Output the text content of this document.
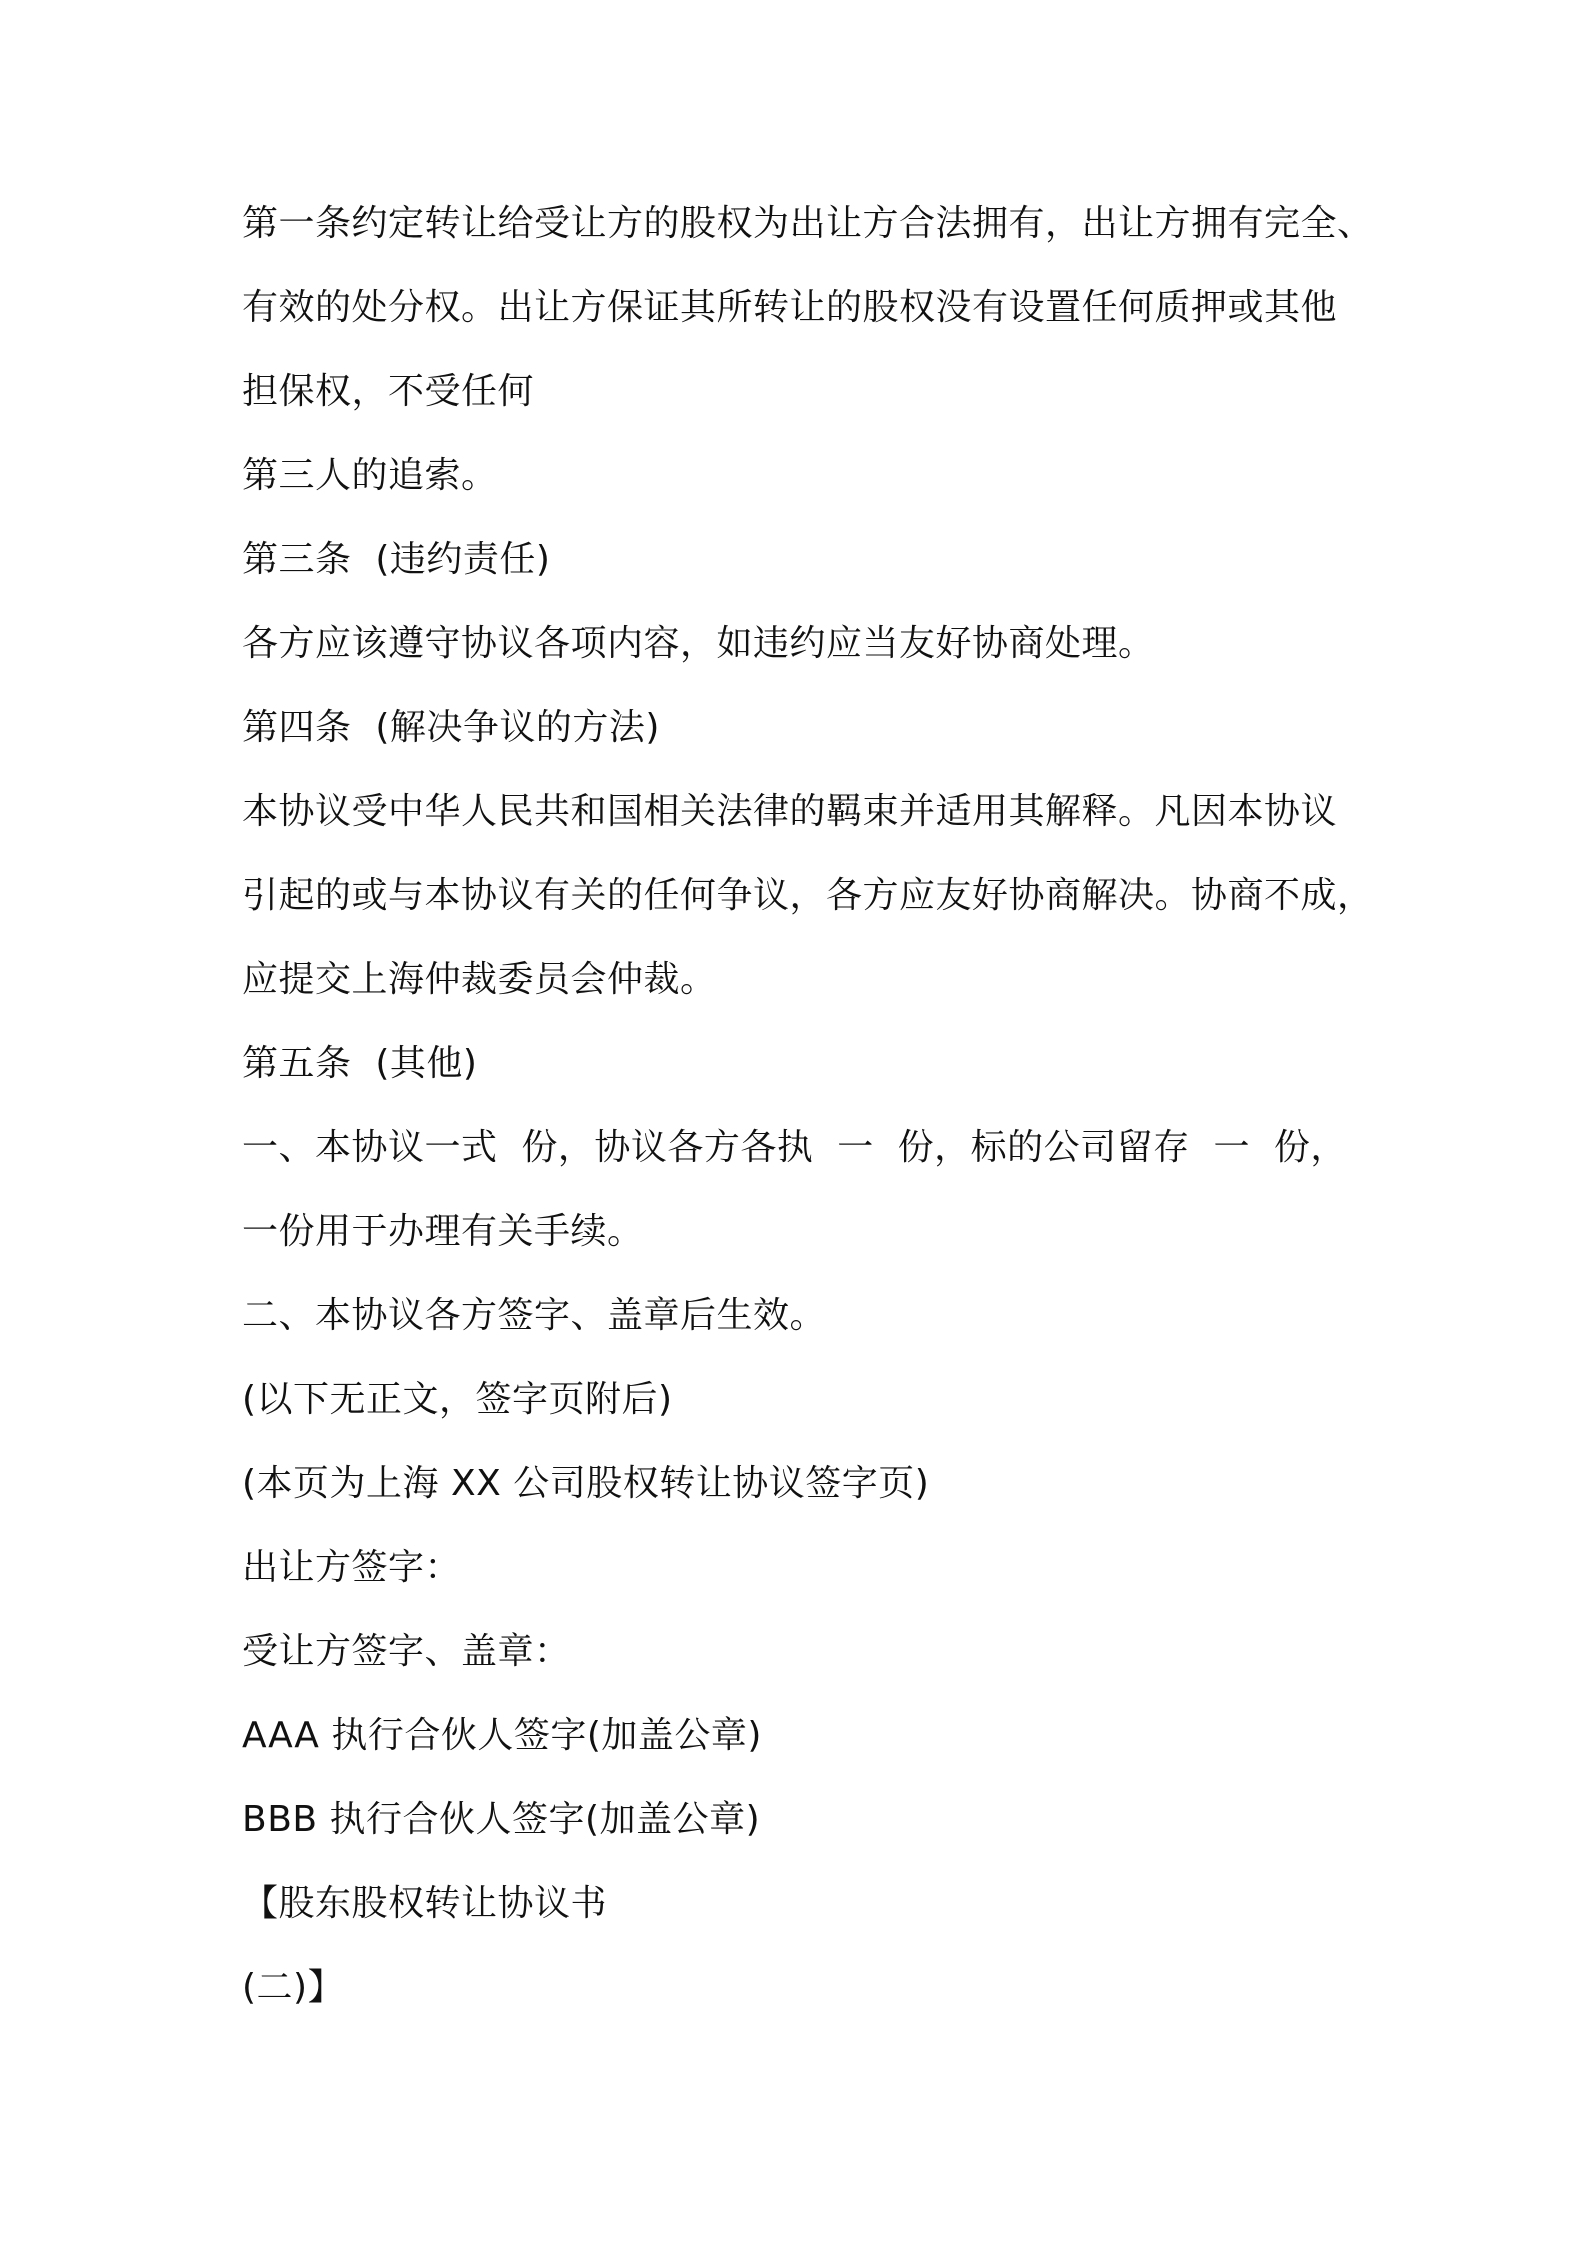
第一条约定转让给受让方的股权为出让方合法拥有，出让方拥有完全、

有效的处分权。出让方保证其所转让的股权没有设置任何质押或其他

担保权，不受任何

第三人的追索。

第三条  (违约责任)

各方应该遵守协议各项内容，如违约应当友好协商处理。

第四条  (解决争议的方法)

本协议受中华人民共和国相关法律的羁束并适用其解释。凡因本协议

引起的或与本协议有关的任何争议，各方应友好协商解决。协商不成，

应提交上海仲裁委员会仲裁。

第五条  (其他)

一、本协议一式  份，协议各方各执  一  份，标的公司留存  一  份，

一份用于办理有关手续。

二、本协议各方签字、盖章后生效。

(以下无正文，签字页附后)

(本页为上海 XX 公司股权转让协议签字页)

出让方签字：

受让方签字、盖章：

AAA 执行合伙人签字(加盖公章)

BBB 执行合伙人签字(加盖公章)

【股东股权转让协议书

(二)】
